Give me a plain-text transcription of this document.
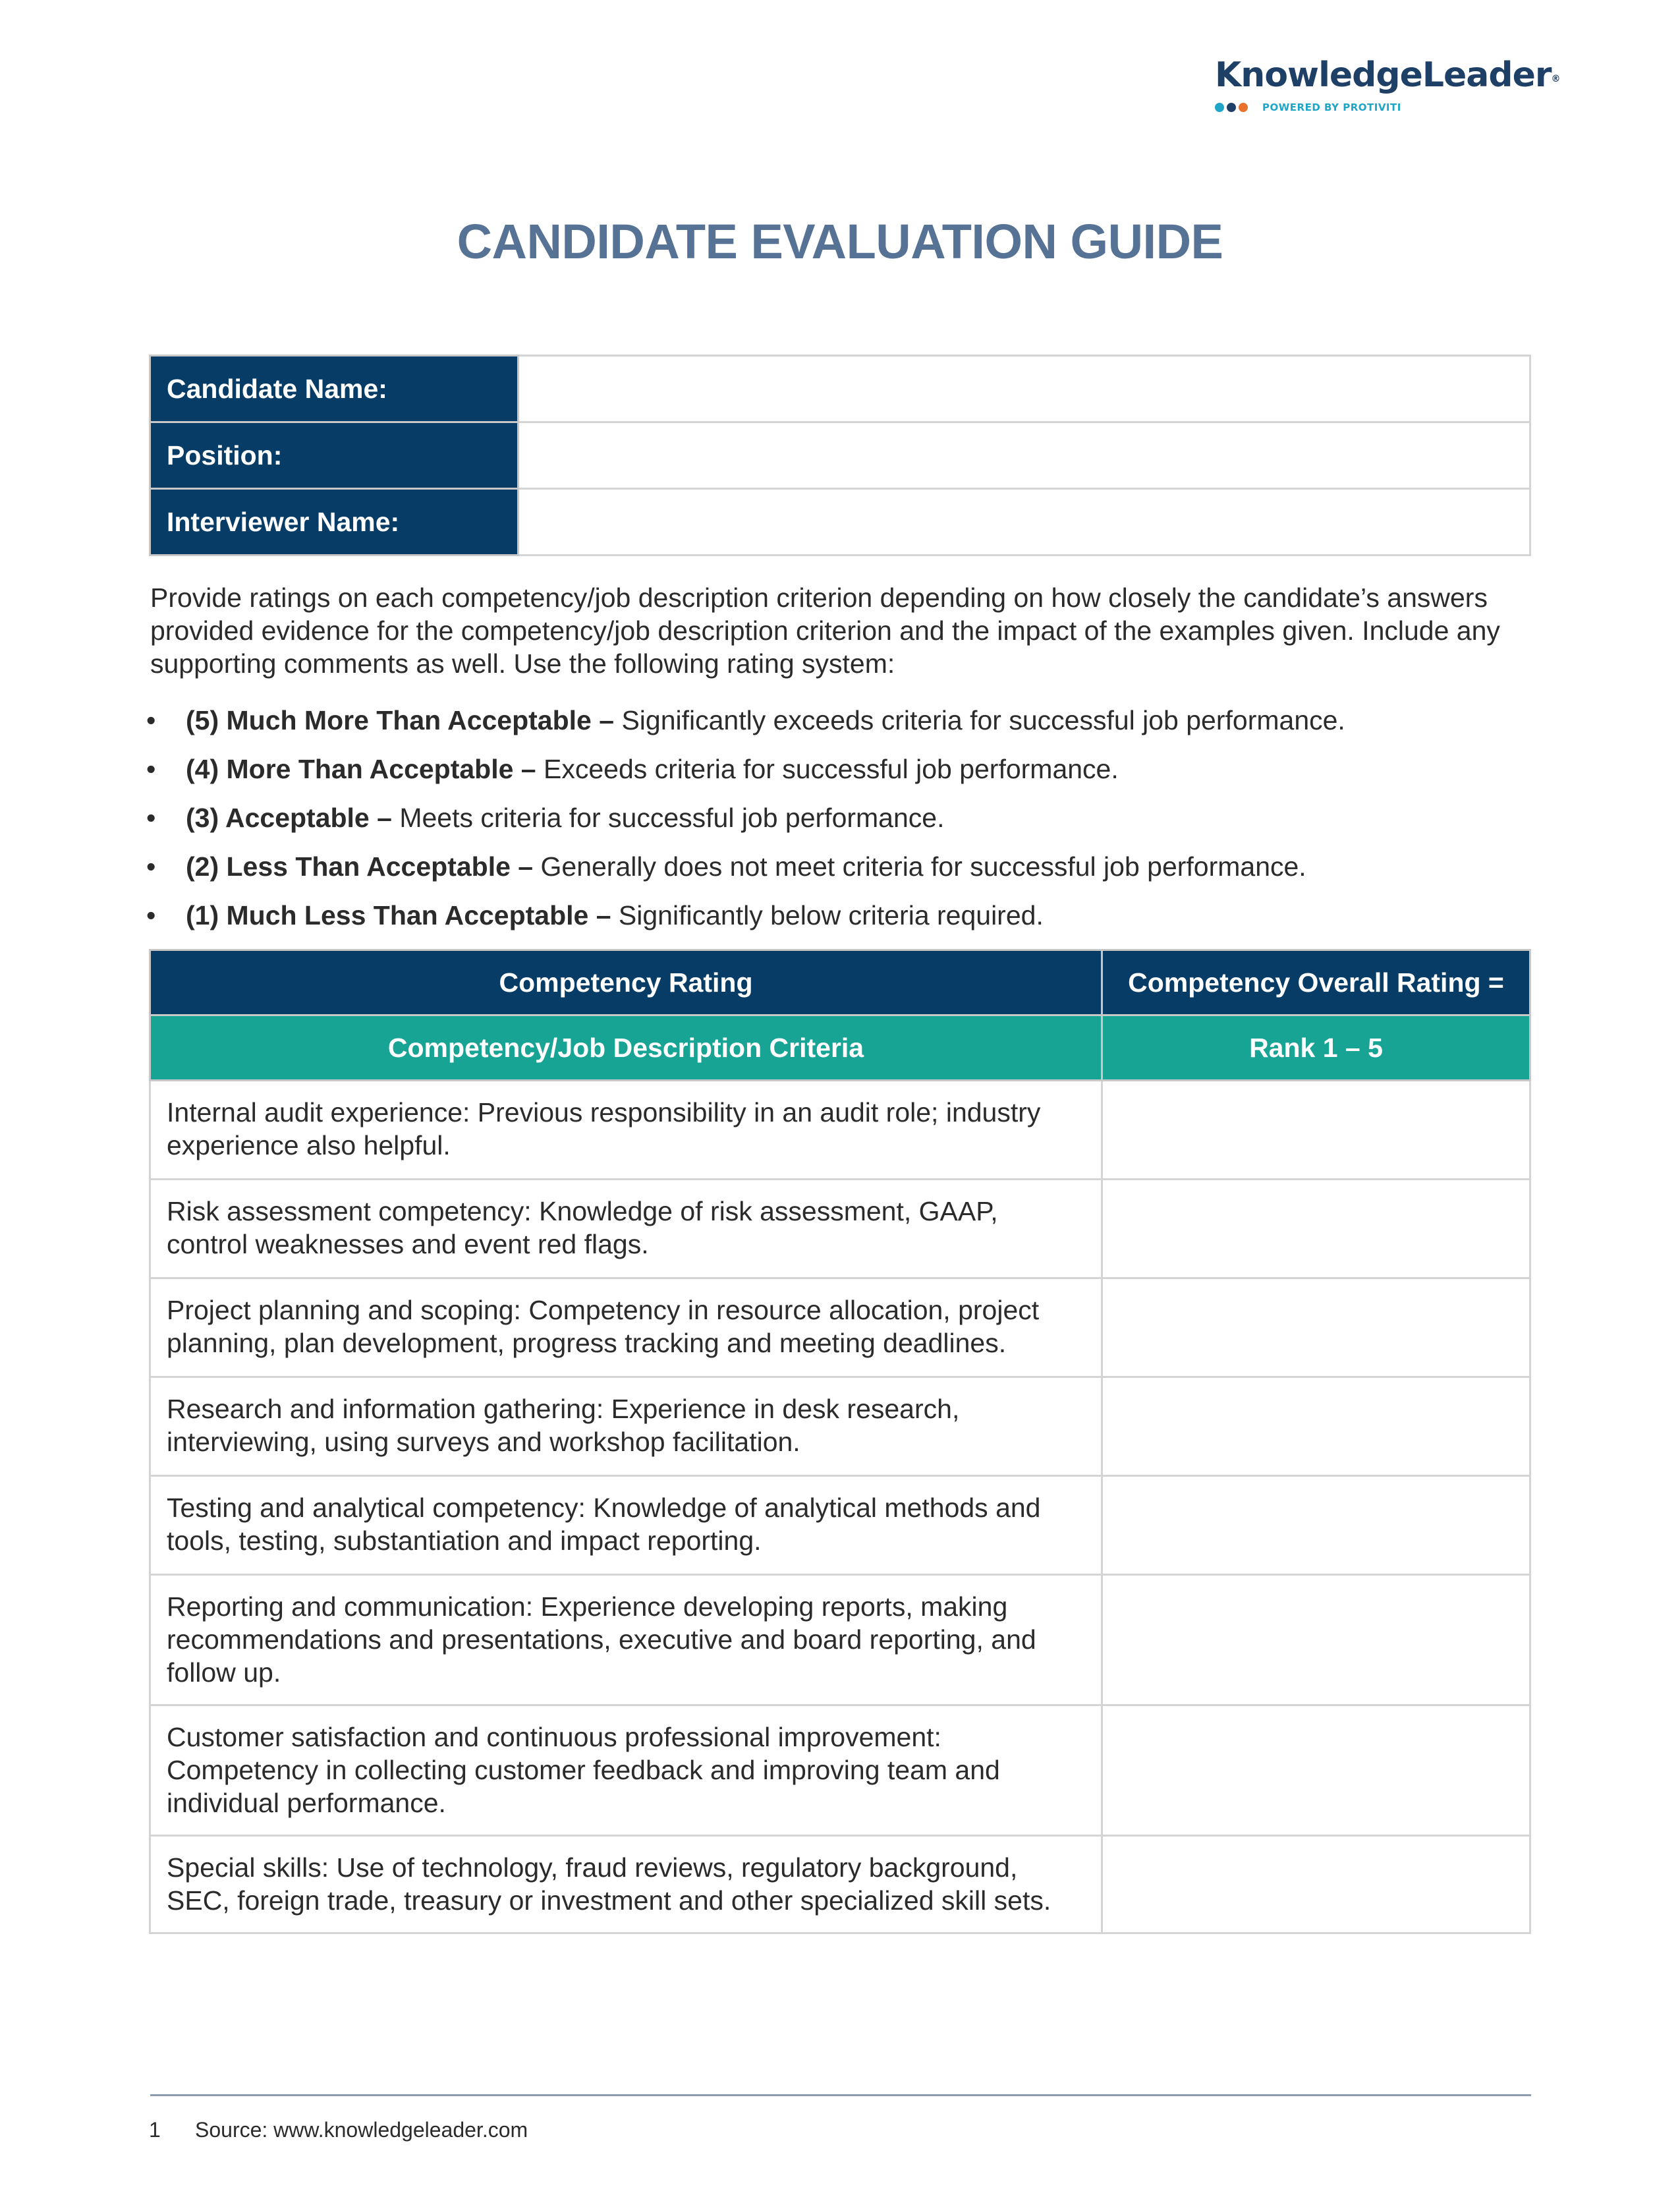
KnowledgeLeader®
POWERED BY PROTIVITI
CANDIDATE EVALUATION GUIDE
Candidate Name:	
Position:	
Interviewer Name:	

Provide ratings on each competency/job description criterion depending on how closely the candidate’s answers provided evidence for the competency/job description criterion and the impact of the examples given. Include any supporting comments as well. Use the following rating system:

• (5) Much More Than Acceptable – Significantly exceeds criteria for successful job performance.
• (4) More Than Acceptable – Exceeds criteria for successful job performance.
• (3) Acceptable – Meets criteria for successful job performance.
• (2) Less Than Acceptable – Generally does not meet criteria for successful job performance.
• (1) Much Less Than Acceptable – Significantly below criteria required.
Competency Rating	Competency Overall Rating =
Competency/Job Description Criteria	Rank 1 – 5
Internal audit experience: Previous responsibility in an audit role; industry experience also helpful.	
Risk assessment competency: Knowledge of risk assessment, GAAP, control weaknesses and event red flags.	
Project planning and scoping: Competency in resource allocation, project planning, plan development, progress tracking and meeting deadlines.	
Research and information gathering: Experience in desk research, interviewing, using surveys and workshop facilitation.	
Testing and analytical competency: Knowledge of analytical methods and tools, testing, substantiation and impact reporting.	
Reporting and communication: Experience developing reports, making recommendations and presentations, executive and board reporting, and follow up.	
Customer satisfaction and continuous professional improvement: Competency in collecting customer feedback and improving team and individual performance.	
Special skills: Use of technology, fraud reviews, regulatory background, SEC, foreign trade, treasury or investment and other specialized skill sets.	
1 Source: www.knowledgeleader.com
